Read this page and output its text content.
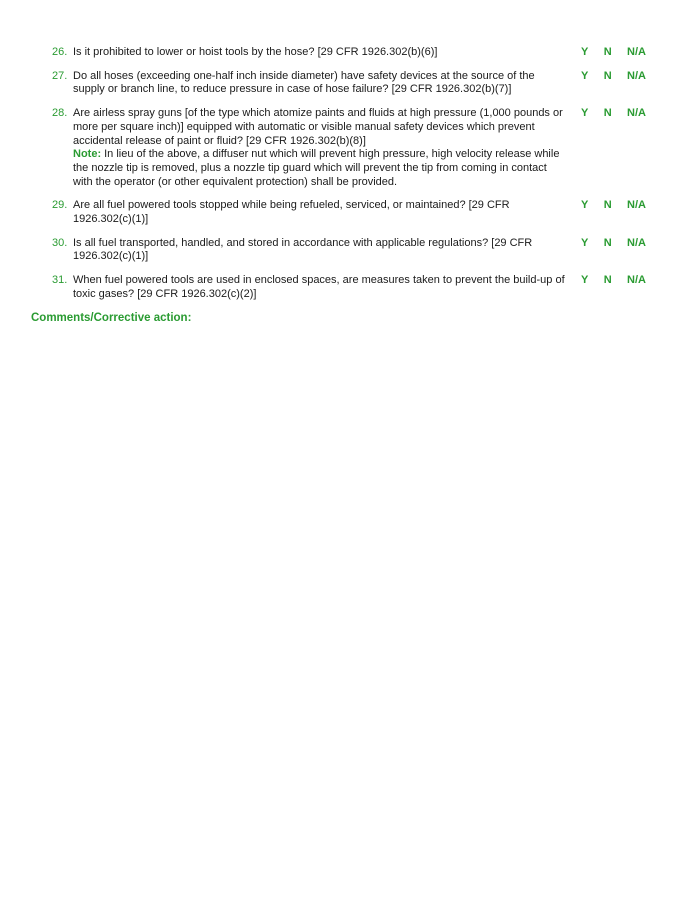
26. Is it prohibited to lower or hoist tools by the hose? [29 CFR 1926.302(b)(6)]	Y N N/A
27. Do all hoses (exceeding one-half inch inside diameter) have safety devices at the source of the supply or branch line, to reduce pressure in case of hose failure? [29 CFR 1926.302(b)(7)]
Y N N/A
28. Are airless spray guns [of the type which atomize paints and fluids at high pressure (1,000 pounds or more per square inch)] equipped with automatic or visible manual safety devices which prevent accidental release of paint or fluid? [29 CFR 1926.302(b)(8)]
Note: In lieu of the above, a diffuser nut which will prevent high pressure, high velocity release while the nozzle tip is removed, plus a nozzle tip guard which will prevent the tip from coming in contact with the operator (or other equivalent protection) shall be provided.
Y N N/A
29. Are all fuel powered tools stopped while being refueled, serviced, or maintained? [29 CFR 1926.302(c)(1)]
Y N N/A
30. Is all fuel transported, handled, and stored in accordance with applicable regulations? [29 CFR 1926.302(c)(1)]
Y N N/A
31. When fuel powered tools are used in enclosed spaces, are measures taken to prevent the build-up of toxic gases? [29 CFR 1926.302(c)(2)]
Y N N/A
Comments/Corrective action:
